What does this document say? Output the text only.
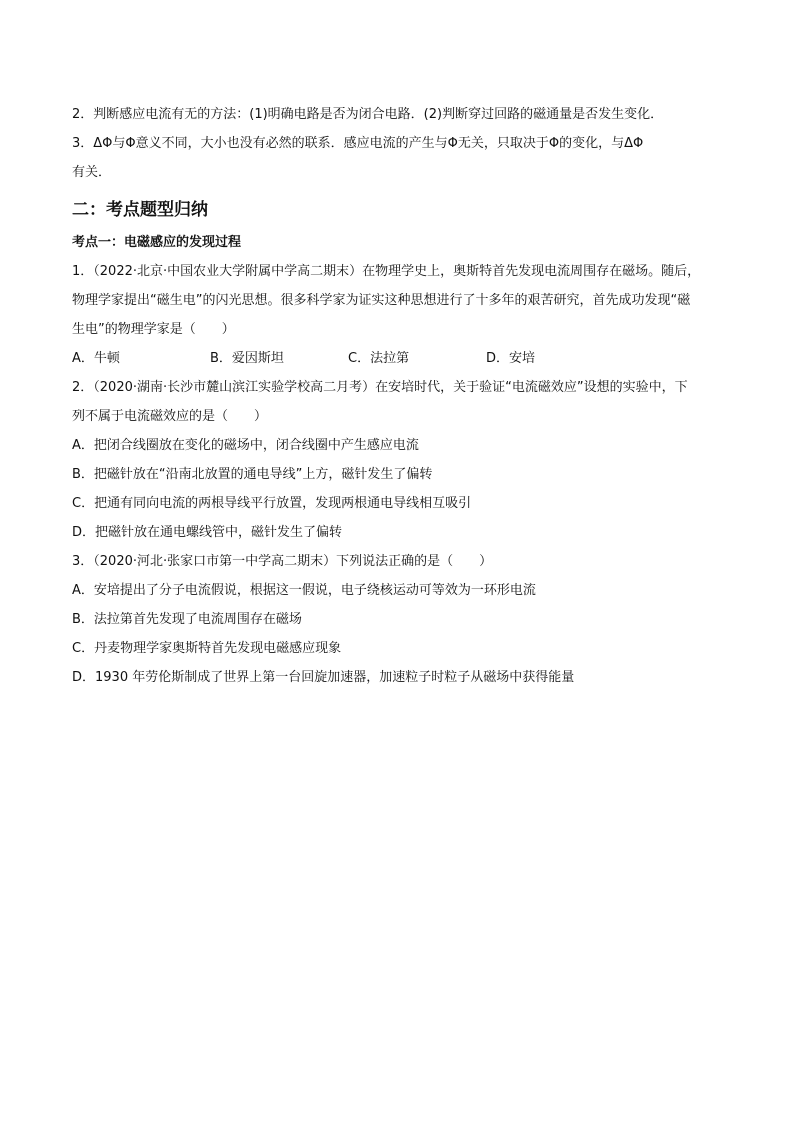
2．判断感应电流有无的方法：(1)明确电路是否为闭合电路．(2)判断穿过回路的磁通量是否发生变化．
3．ΔΦ与Φ意义不同，大小也没有必然的联系．感应电流的产生与Φ无关，只取决于Φ的变化，与ΔΦ
有关．
二：考点题型归纳
考点一：电磁感应的发现过程
1．（2022·北京·中国农业大学附属中学高二期末）在物理学史上，奥斯特首先发现电流周围存在磁场。随后，
物理学家提出“磁生电”的闪光思想。很多科学家为证实这种思想进行了十多年的艰苦研究，首先成功发现“磁
生电”的物理学家是（　　）
A．牛顿	B．爱因斯坦	C．法拉第	D．安培
2．（2020·湖南·长沙市麓山滨江实验学校高二月考）在安培时代，关于验证“电流磁效应”设想的实验中，下
列不属于电流磁效应的是（　　）
A．把闭合线圈放在变化的磁场中，闭合线圈中产生感应电流
B．把磁针放在“沿南北放置的通电导线”上方，磁针发生了偏转
C．把通有同向电流的两根导线平行放置，发现两根通电导线相互吸引
D．把磁针放在通电螺线管中，磁针发生了偏转
3．（2020·河北·张家口市第一中学高二期末）下列说法正确的是（　　）
A．安培提出了分子电流假说，根据这一假说，电子绕核运动可等效为一环形电流
B．法拉第首先发现了电流周围存在磁场
C．丹麦物理学家奥斯特首先发现电磁感应现象
D．1930 年劳伦斯制成了世界上第一台回旋加速器，加速粒子时粒子从磁场中获得能量
